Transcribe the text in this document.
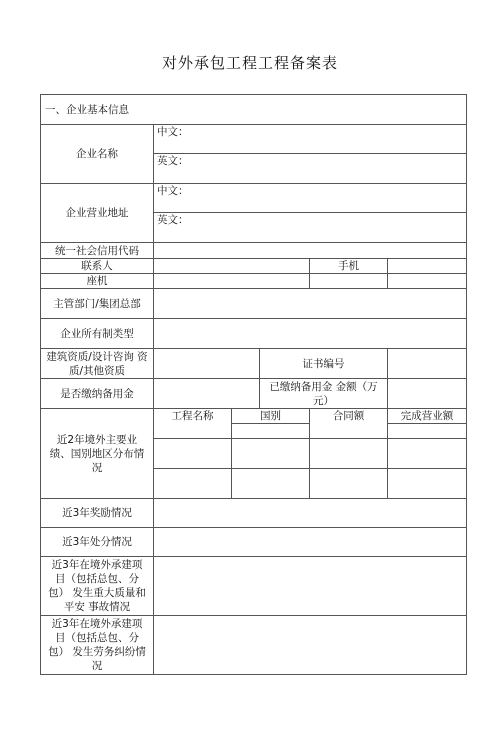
对外承包工程工程备案表
一、企业基本信息					
企业名称	中文：				
	英文：				
企业营业地址	中文：				
	英文：				
统一社会信用代码					
联系人				手机	
座机					
主管部门/集团总部					
企业所有制类型					
建筑资质/设计咨询 资质/其他资质			证书编号		
是否缴纳备用金			已缴纳备用金 金额（万元）		
近2年境外主要业 绩、国别地区分布情 况	工程名称	国别		合同额	完成营业额

近3年奖励情况					
近3年处分情况					
近3年在境外承建项 目（包括总包、分包） 发生重大质量和平安 事故情况					
近3年在境外承建项 目（包括总包、分包） 发生劳务纠纷情况					
